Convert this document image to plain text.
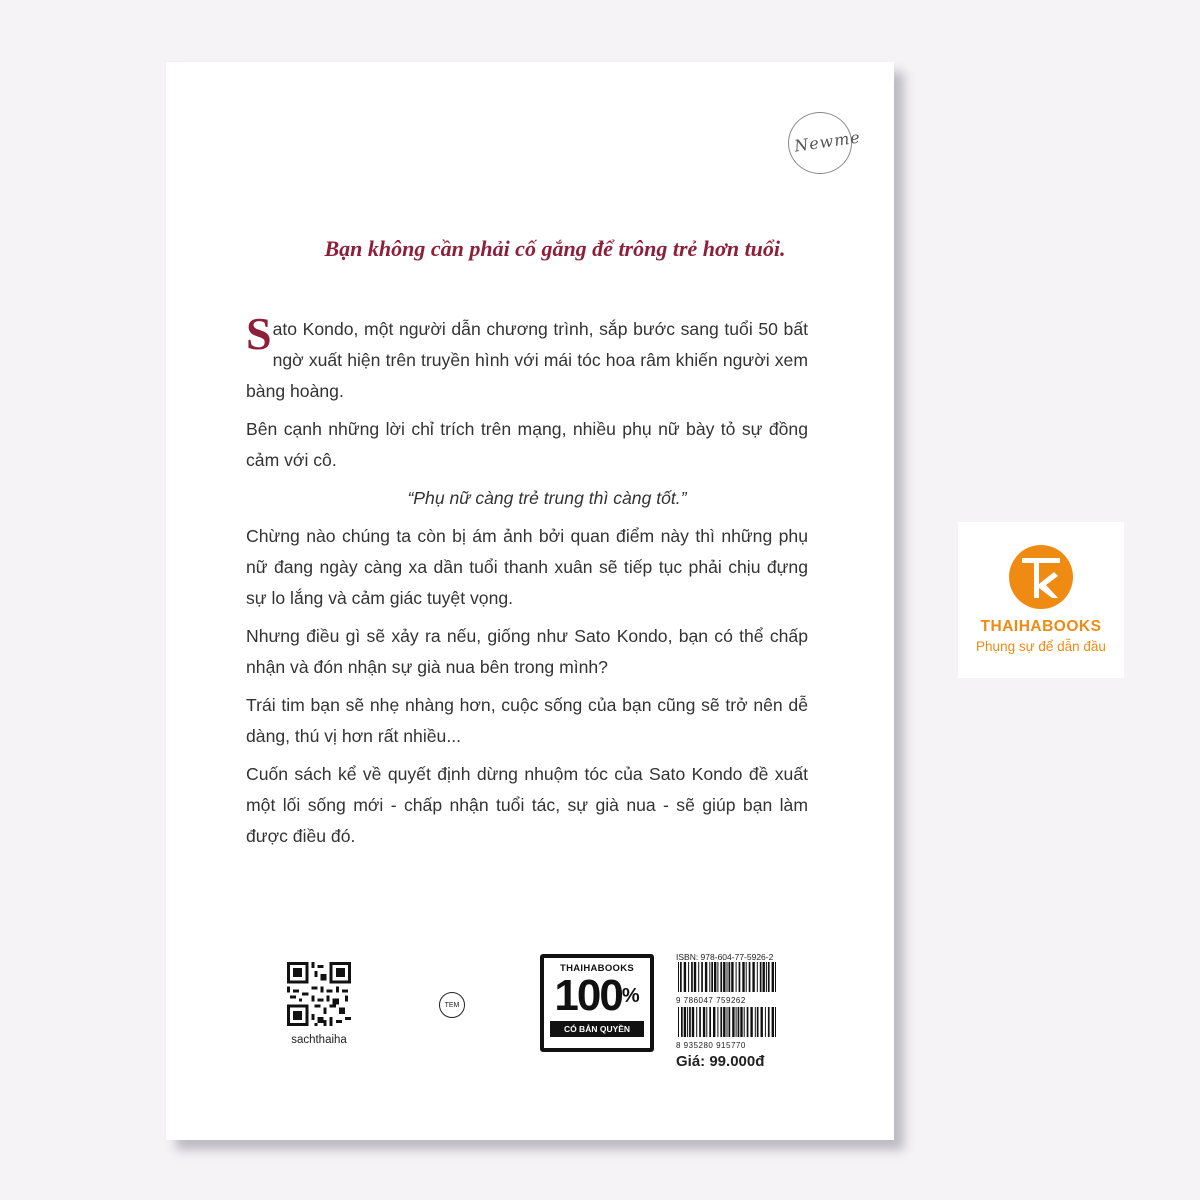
Newme
Bạn không cần phải cố gắng để trông trẻ hơn tuổi.

Sato Kondo, một người dẫn chương trình, sắp bước sang tuổi 50 bất ngờ xuất hiện trên truyền hình với mái tóc hoa râm khiến người xem bàng hoàng.

Bên cạnh những lời chỉ trích trên mạng, nhiều phụ nữ bày tỏ sự đồng cảm với cô.

“Phụ nữ càng trẻ trung thì càng tốt.”

Chừng nào chúng ta còn bị ám ảnh bởi quan điểm này thì những phụ nữ đang ngày càng xa dần tuổi thanh xuân sẽ tiếp tục phải chịu đựng sự lo lắng và cảm giác tuyệt vọng.

Nhưng điều gì sẽ xảy ra nếu, giống như Sato Kondo, bạn có thể chấp nhận và đón nhận sự già nua bên trong mình?

Trái tim bạn sẽ nhẹ nhàng hơn, cuộc sống của bạn cũng sẽ trở nên dễ dàng, thú vị hơn rất nhiều...

Cuốn sách kể về quyết định dừng nhuộm tóc của Sato Kondo đề xuất một lối sống mới - chấp nhận tuổi tác, sự già nua - sẽ giúp bạn làm được điều đó.

sachthaiha
TEM
THAIHABOOKS
100%
CÓ BẢN QUYỀN
ISBN: 978-604-77-5926-2
9 786047 759262
8 935280 915770
Giá: 99.000đ
THAIHABOOKS
Phụng sự để dẫn đầu
